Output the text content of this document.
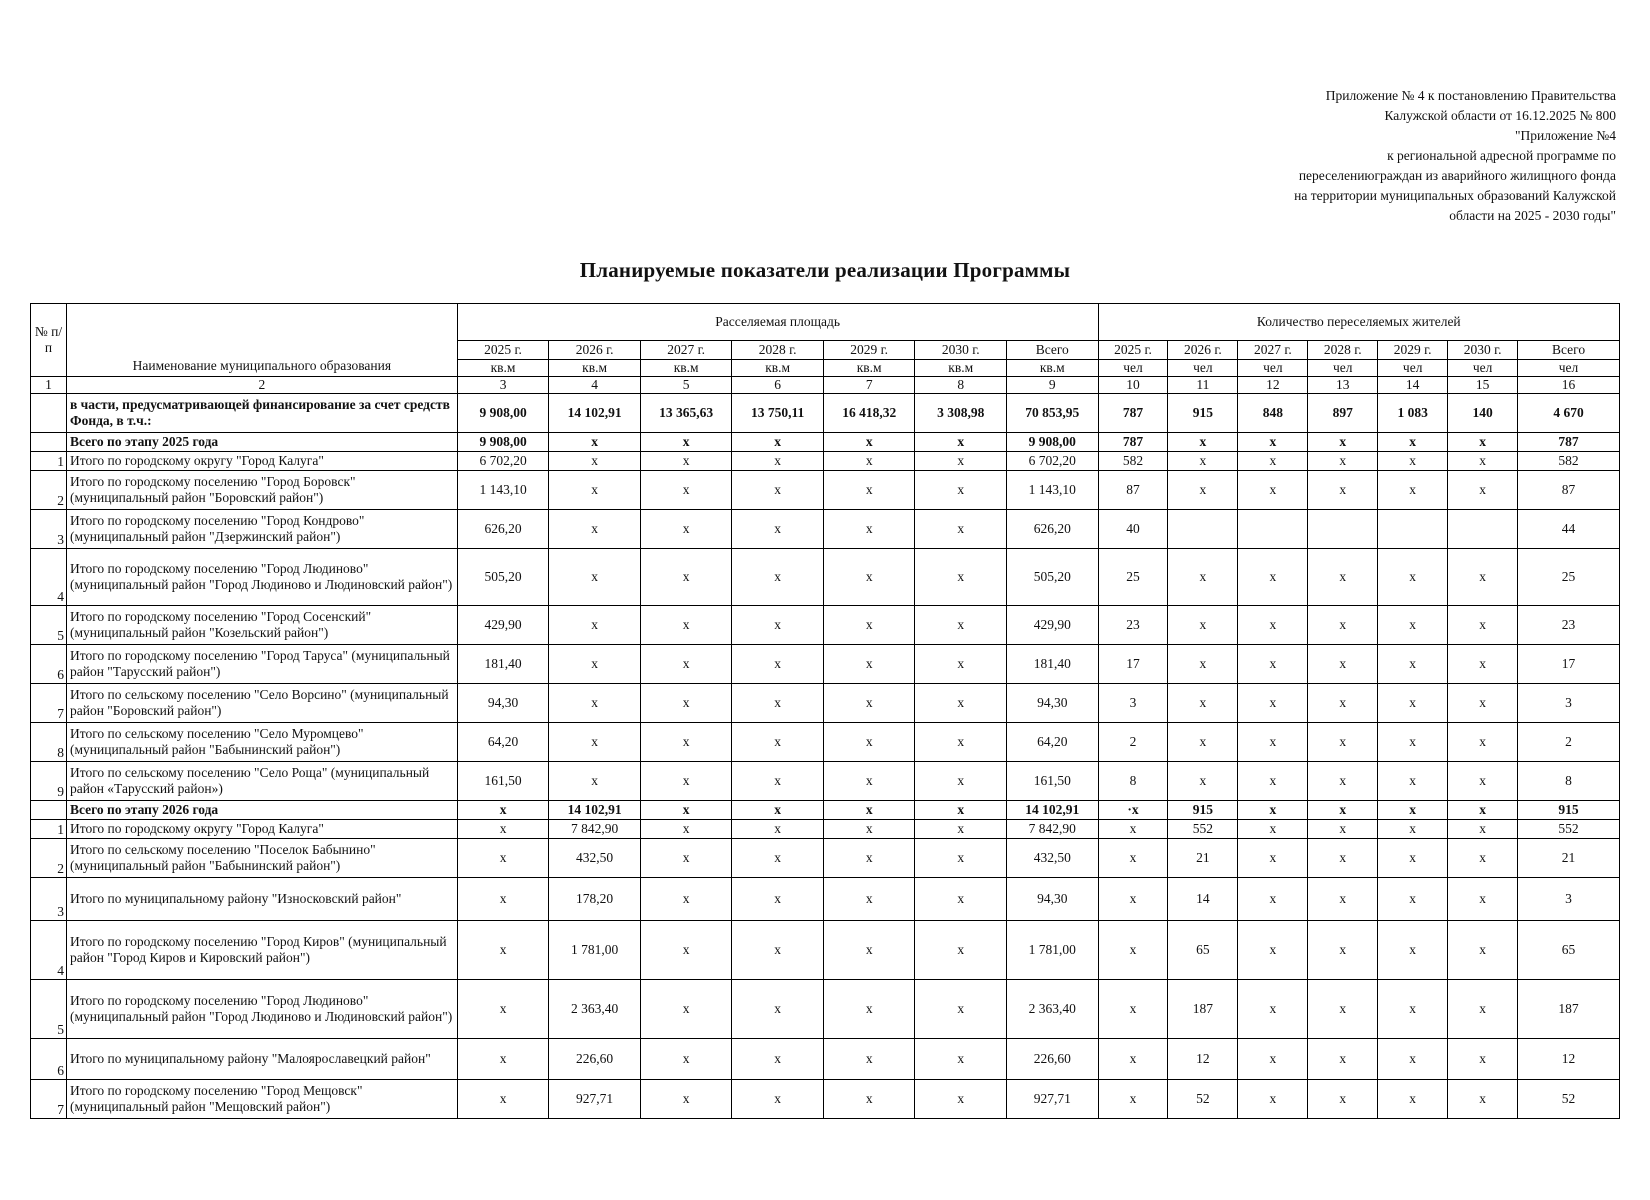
Приложение № 4 к постановлению Правительства
Калужской области от 16.12.2025 № 800
"Приложение №4
к региональной адресной программе по
переселениюграждан из аварийного жилищного фонда
на территории муниципальных образований Калужской
области на 2025 - 2030 годы"
Планируемые показатели реализации Программы
№ п/п	Наименование муниципального образования	Расселяемая площадь							Количество переселяемых жителей						
		2025 г.	2026 г.	2027 г.	2028 г.	2029 г.	2030 г.	Всего	2025 г.	2026 г.	2027 г.	2028 г.	2029 г.	2030 г.	Всего
		кв.м	кв.м	кв.м	кв.м	кв.м	кв.м	кв.м	чел	чел	чел	чел	чел	чел	чел
1	2	3	4	5	6	7	8	9	10	11	12	13	14	15	16
	в части, предусматривающей финансирование за счет средств Фонда, в т.ч.:	9 908,00	14 102,91	13 365,63	13 750,11	16 418,32	3 308,98	70 853,95	787	915	848	897	1 083	140	4 670
	Всего по этапу 2025 года	9 908,00	х	х	х	х	х	9 908,00	787	х	х	х	х	х	787
1	Итого по городскому округу "Город Калуга"	6 702,20	х	х	х	х	х	6 702,20	582	х	х	х	х	х	582
2	Итого по городскому поселению "Город Боровск" (муниципальный район "Боровский район")	1 143,10	х	х	х	х	х	1 143,10	87	х	х	х	х	х	87
3	Итого по городскому поселению "Город Кондрово" (муниципальный район "Дзержинский район")	626,20	х	х	х	х	х	626,20	40						44
4	Итого по городскому поселению "Город Людиново" (муниципальный район "Город Людиново и Людиновский район")	505,20	х	х	х	х	х	505,20	25	х	х	х	х	х	25
5	Итого по городскому поселению "Город Сосенский" (муниципальный район "Козельский район")	429,90	х	х	х	х	х	429,90	23	х	х	х	х	х	23
6	Итого по городскому поселению "Город Таруса" (муниципальный район "Тарусский район")	181,40	х	х	х	х	х	181,40	17	х	х	х	х	х	17
7	Итого по сельскому поселению "Село Ворсино" (муниципальный район "Боровский район")	94,30	х	х	х	х	х	94,30	3	х	х	х	х	х	3
8	Итого по сельскому поселению "Село Муромцево" (муниципальный район "Бабынинский район")	64,20	х	х	х	х	х	64,20	2	х	х	х	х	х	2
9	Итого по сельскому поселению "Село Роща" (муниципальный район «Тарусский район»)	161,50	х	х	х	х	х	161,50	8	х	х	х	х	х	8
	Всего по этапу 2026 года	х	14 102,91	х	х	х	х	14 102,91	·х	915	х	х	х	х	915
1	Итого по городскому округу "Город Калуга"	х	7 842,90	х	х	х	х	7 842,90	х	552	х	х	х	х	552
2	Итого по сельскому поселению "Поселок Бабынино" (муниципальный район "Бабынинский район")	х	432,50	х	х	х	х	432,50	х	21	х	х	х	х	21
3	Итого по муниципальному району "Износковский район"	х	178,20	х	х	х	х	94,30	х	14	х	х	х	х	3
4	Итого по городскому поселению "Город Киров" (муниципальный район "Город Киров и Кировский район")	х	1 781,00	х	х	х	х	1 781,00	х	65	х	х	х	х	65
5	Итого по городскому поселению "Город Людиново" (муниципальный район "Город Людиново и Людиновский район")	х	2 363,40	х	х	х	х	2 363,40	х	187	х	х	х	х	187
6	Итого по муниципальному району "Малоярославецкий район"	х	226,60	х	х	х	х	226,60	х	12	х	х	х	х	12
7	Итого по городскому поселению "Город Мещовск" (муниципальный район "Мещовский район")	х	927,71	х	х	х	х	927,71	х	52	х	х	х	х	52
